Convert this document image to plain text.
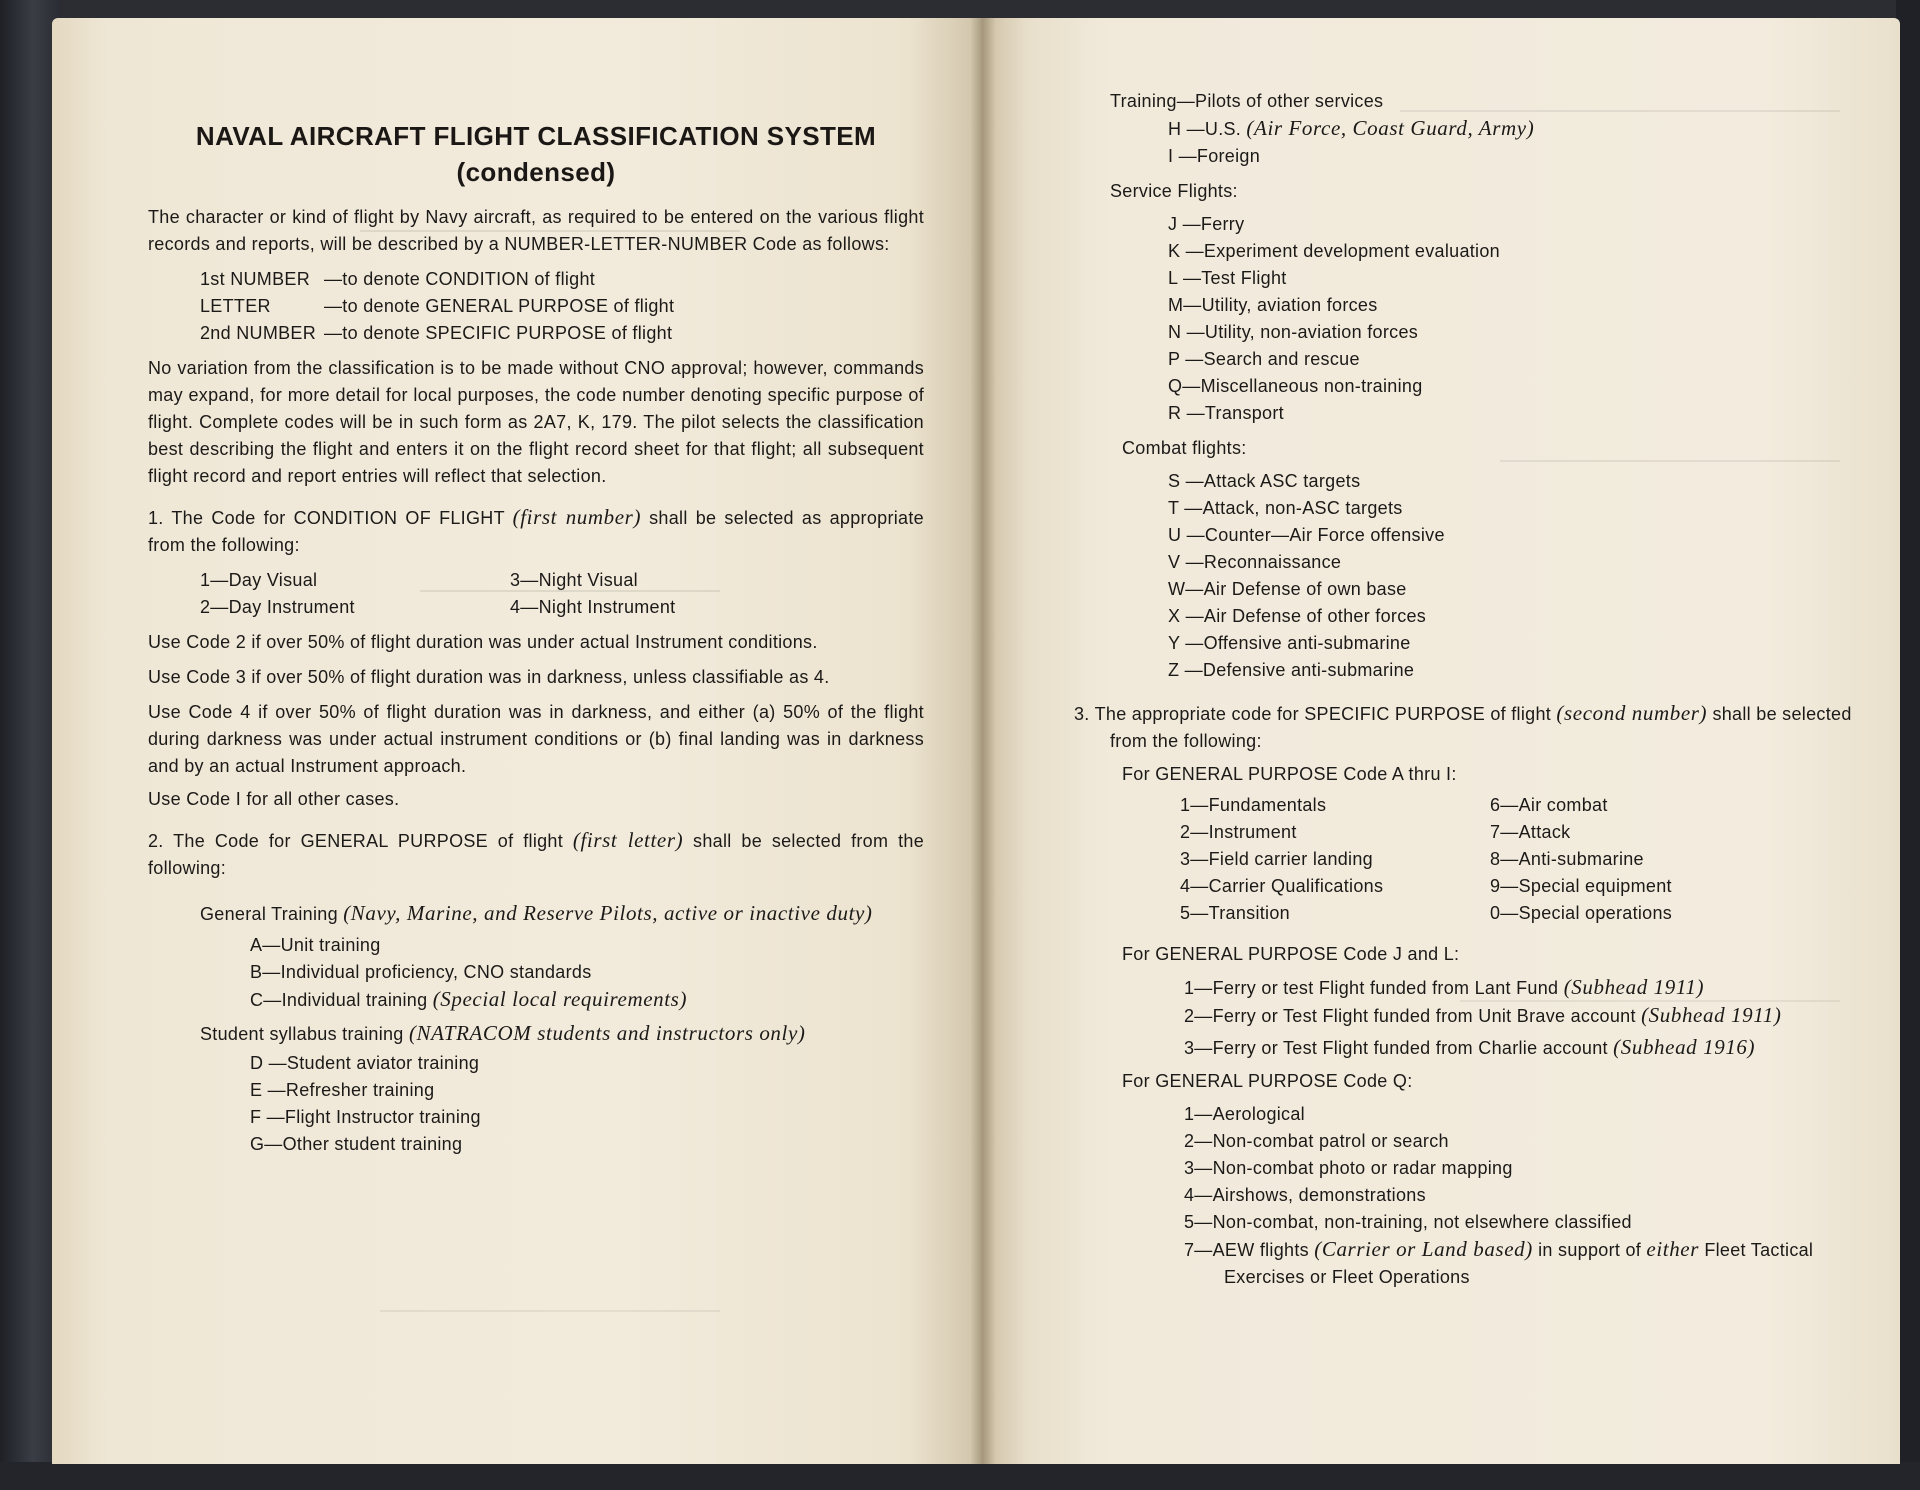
NAVAL AIRCRAFT FLIGHT CLASSIFICATION SYSTEM
(condensed)
The character or kind of flight by Navy aircraft, as required to be entered on the various flight records and reports, will be described by a NUMBER-LETTER-NUMBER Code as follows:
1st NUMBER —to denote CONDITION of flight
LETTER	—to denote GENERAL PURPOSE of flight
2nd NUMBER —to denote SPECIFIC PURPOSE of flight
No variation from the classification is to be made without CNO approval; however, commands may expand, for more detail for local purposes, the code number denoting specific purpose of flight. Complete codes will be in such form as 2A7, K, 179. The pilot selects the classification best describing the flight and enters it on the flight record sheet for that flight; all subsequent flight record and report entries will reflect that selection.
1. The Code for CONDITION OF FLIGHT (first number) shall be selected as appropriate from the following:
1—Day Visual	3—Night Visual
2—Day Instrument	4—Night Instrument
Use Code 2 if over 50% of flight duration was under actual Instrument conditions.
Use Code 3 if over 50% of flight duration was in darkness, unless classifiable as 4.
Use Code 4 if over 50% of flight duration was in darkness, and either (a) 50% of the flight during darkness was under actual instrument conditions or (b) final landing was in darkness and by an actual Instrument approach.
Use Code I for all other cases.
2. The Code for GENERAL PURPOSE of flight (first letter) shall be selected from the following:
General Training (Navy, Marine, and Reserve Pilots, active or inactive duty)
A—Unit training
B—Individual proficiency, CNO standards
C—Individual training (Special local requirements)
Student syllabus training (NATRACOM students and instructors only)
D —Student aviator training
E —Refresher training
F —Flight Instructor training
G—Other student training
Training—Pilots of other services
H —U.S. (Air Force, Coast Guard, Army)
I —Foreign
Service Flights:
J —Ferry
K —Experiment development evaluation
L —Test Flight
M—Utility, aviation forces
N —Utility, non-aviation forces
P —Search and rescue
Q—Miscellaneous non-training
R —Transport
Combat flights:
S —Attack ASC targets
T —Attack, non-ASC targets
U —Counter—Air Force offensive
V —Reconnaissance
W—Air Defense of own base
X —Air Defense of other forces
Y —Offensive anti-submarine
Z —Defensive anti-submarine
3. The appropriate code for SPECIFIC PURPOSE of flight (second number) shall be selected from the following:
For GENERAL PURPOSE Code A thru I:
1—Fundamentals	6—Air combat
2—Instrument	7—Attack
3—Field carrier landing	8—Anti-submarine
4—Carrier Qualifications	9—Special equipment
5—Transition	0—Special operations
For GENERAL PURPOSE Code J and L:
1—Ferry or test Flight funded from Lant Fund (Subhead 1911)
2—Ferry or Test Flight funded from Unit Brave account (Subhead 1911)
3—Ferry or Test Flight funded from Charlie account (Subhead 1916)
For GENERAL PURPOSE Code Q:
1—Aerological
2—Non-combat patrol or search
3—Non-combat photo or radar mapping
4—Airshows, demonstrations
5—Non-combat, non-training, not elsewhere classified
7—AEW flights (Carrier or Land based) in support of either Fleet Tactical Exercises or Fleet Operations
